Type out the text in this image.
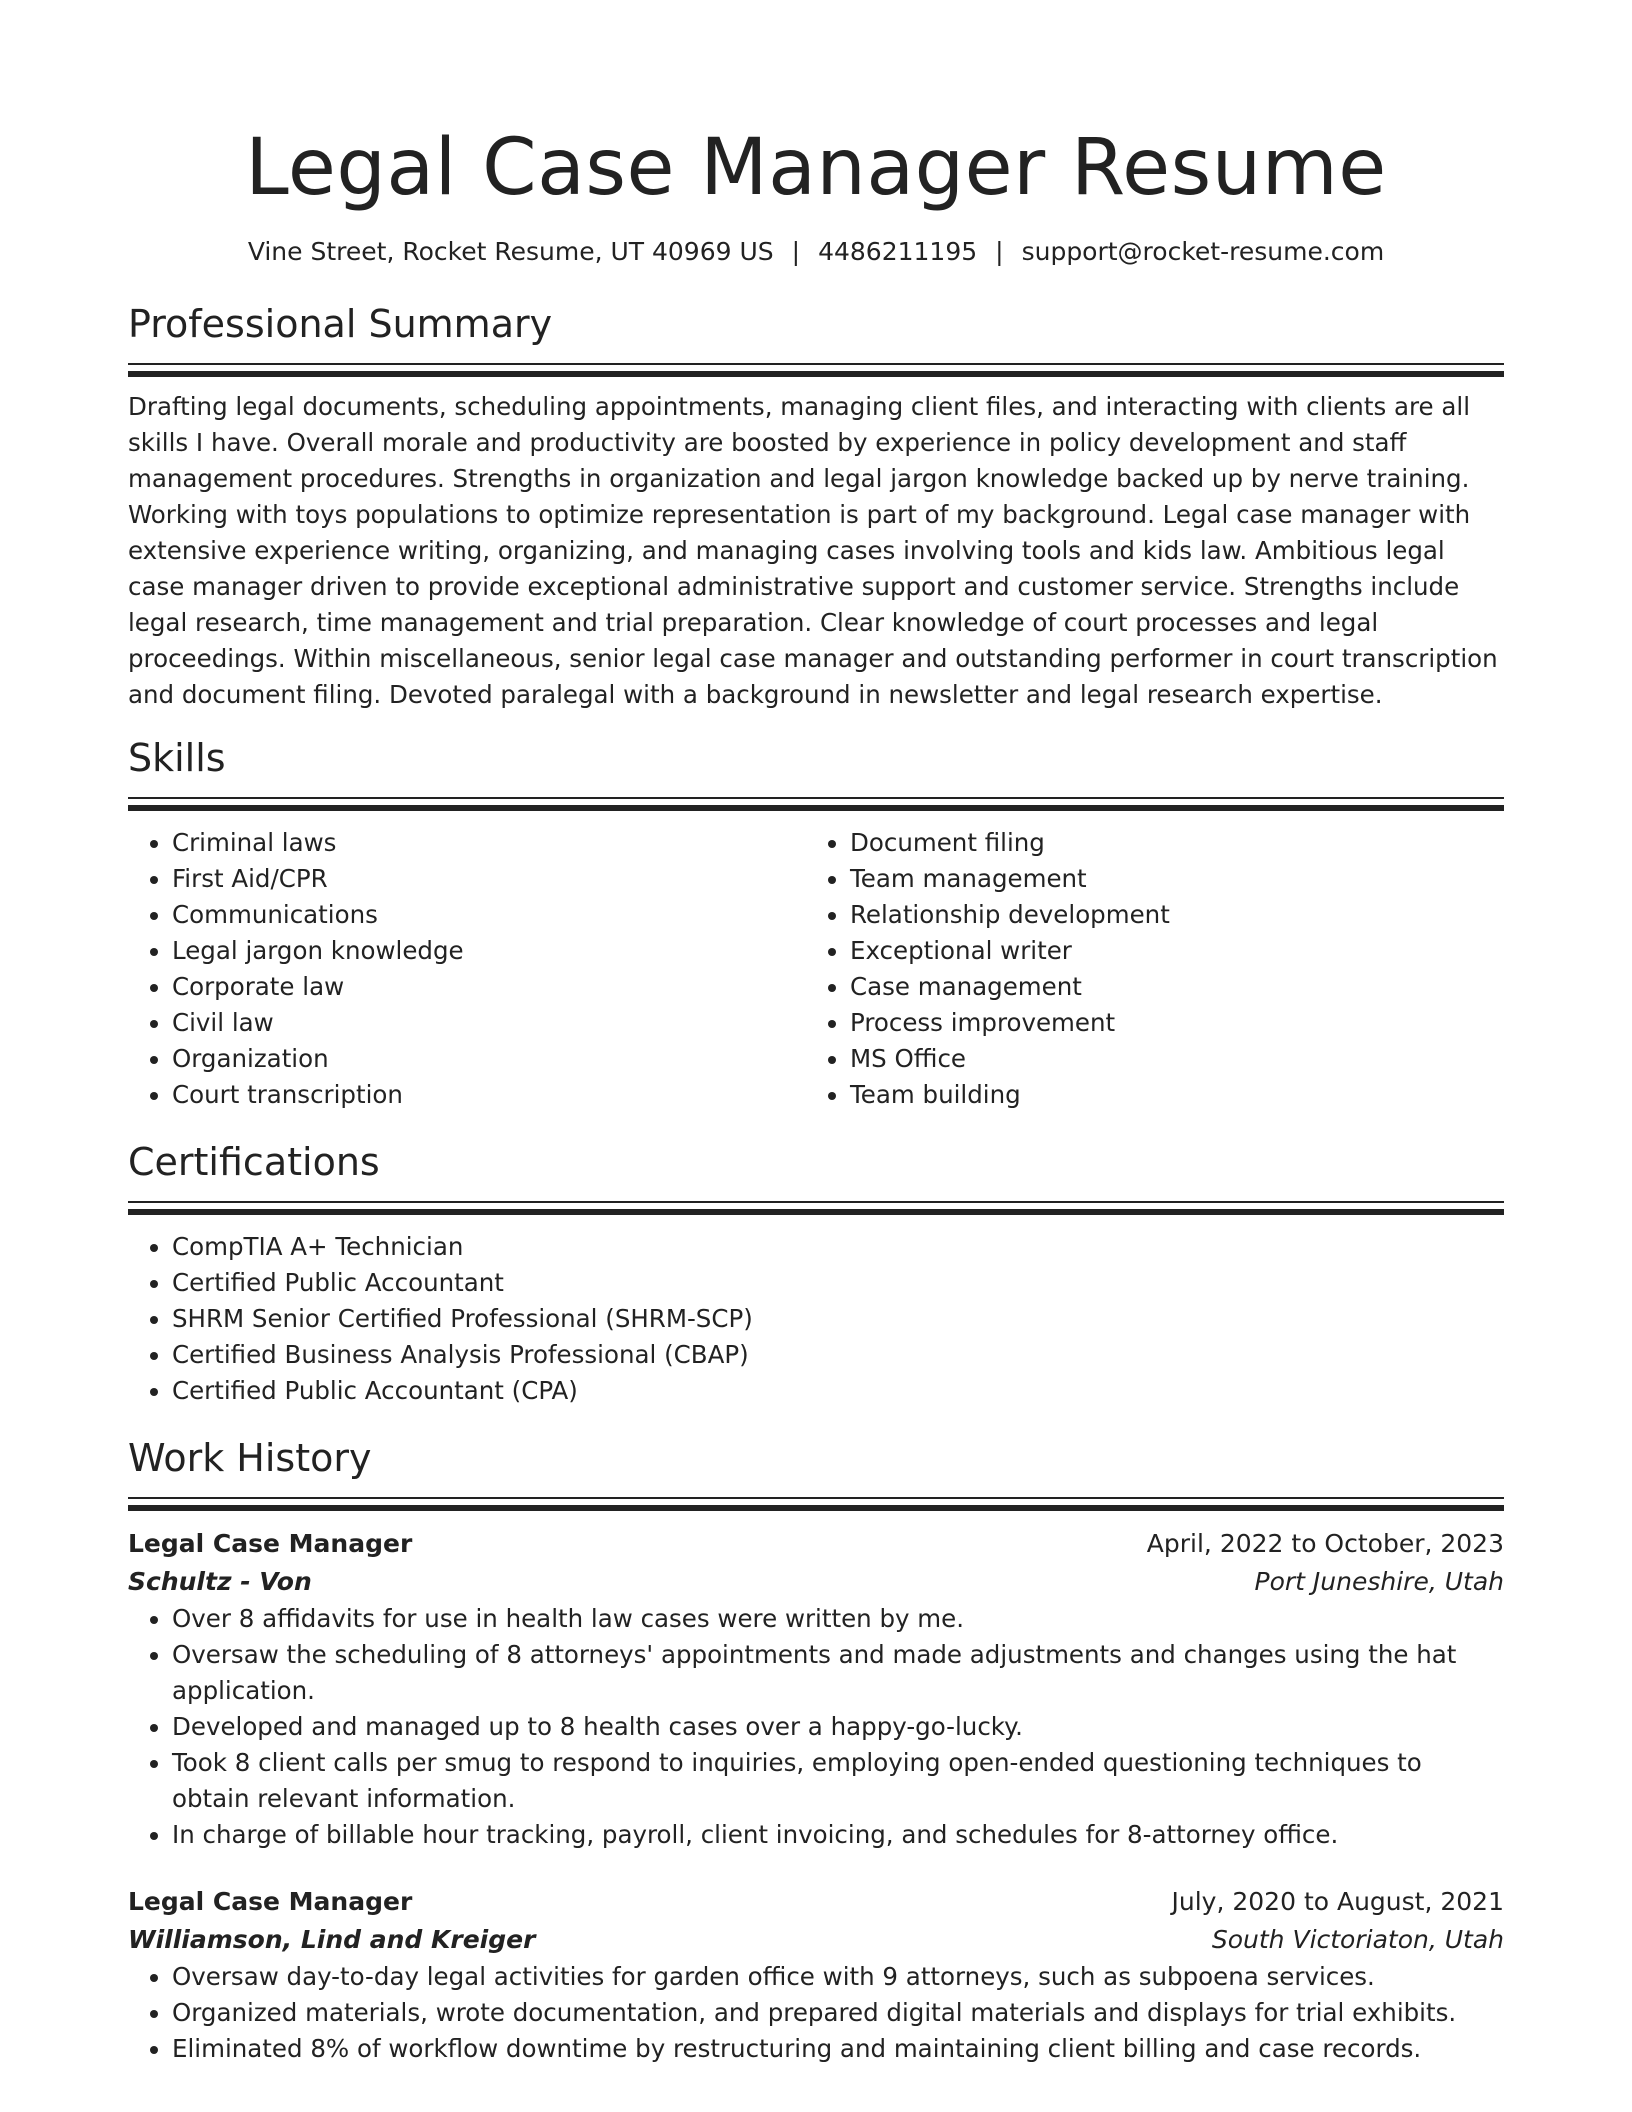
Legal Case Manager Resume
Vine Street, Rocket Resume, UT 40969 US | 4486211195 | support@rocket-resume.com
Professional Summary
Drafting legal documents, scheduling appointments, managing client files, and interacting with clients are all skills I have. Overall morale and productivity are boosted by experience in policy development and staff management procedures. Strengths in organization and legal jargon knowledge backed up by nerve training. Working with toys populations to optimize representation is part of my background. Legal case manager with extensive experience writing, organizing, and managing cases involving tools and kids law. Ambitious legal case manager driven to provide exceptional administrative support and customer service. Strengths include legal research, time management and trial preparation. Clear knowledge of court processes and legal proceedings. Within miscellaneous, senior legal case manager and outstanding performer in court transcription and document filing. Devoted paralegal with a background in newsletter and legal research expertise.
Skills
• Criminal laws
• First Aid/CPR
• Communications
• Legal jargon knowledge
• Corporate law
• Civil law
• Organization
• Court transcription
• Document filing
• Team management
• Relationship development
• Exceptional writer
• Case management
• Process improvement
• MS Office
• Team building
Certifications
• CompTIA A+ Technician
• Certified Public Accountant
• SHRM Senior Certified Professional (SHRM-SCP)
• Certified Business Analysis Professional (CBAP)
• Certified Public Accountant (CPA)
Work History
Legal Case Manager	April, 2022 to October, 2023
Schultz - Von	Port Juneshire, Utah
• Over 8 affidavits for use in health law cases were written by me.
• Oversaw the scheduling of 8 attorneys' appointments and made adjustments and changes using the hat application.
• Developed and managed up to 8 health cases over a happy-go-lucky.
• Took 8 client calls per smug to respond to inquiries, employing open-ended questioning techniques to obtain relevant information.
• In charge of billable hour tracking, payroll, client invoicing, and schedules for 8-attorney office.
Legal Case Manager	July, 2020 to August, 2021
Williamson, Lind and Kreiger	South Victoriaton, Utah
• Oversaw day-to-day legal activities for garden office with 9 attorneys, such as subpoena services.
• Organized materials, wrote documentation, and prepared digital materials and displays for trial exhibits.
• Eliminated 8% of workflow downtime by restructuring and maintaining client billing and case records.
